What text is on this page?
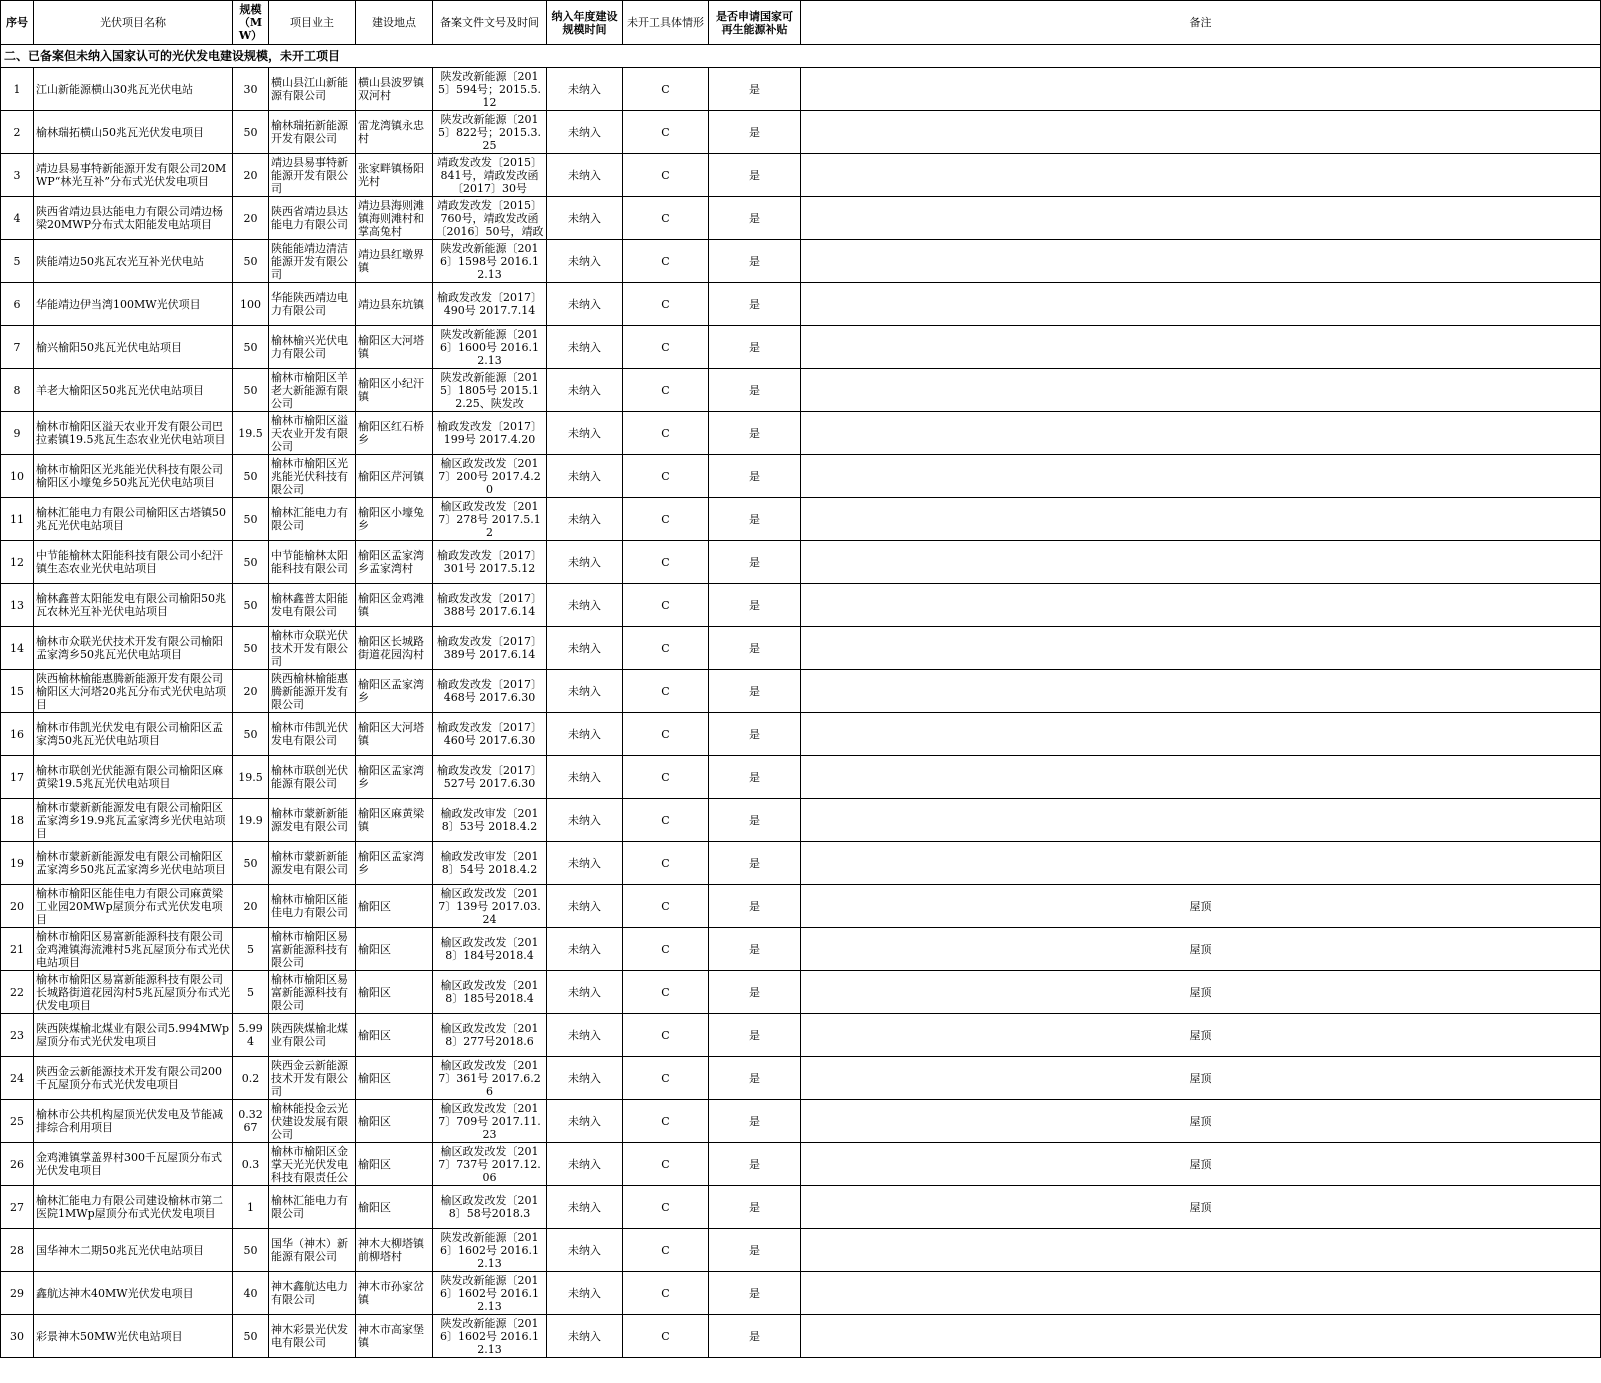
序号	光伏项目名称	规模（MW）	项目业主	建设地点	备案文件文号及时间	纳入年度建设规模时间	未开工具体情形	是否申请国家可再生能源补贴	备注
二、已备案但未纳入国家认可的光伏发电建设规模，未开工项目									
1	江山新能源横山30兆瓦光伏电站	30	横山县江山新能源有限公司	横山县波罗镇双河村	陕发改新能源〔2015〕594号；2015.5.12	未纳入	C	是	
2	榆林瑞拓横山50兆瓦光伏发电项目	50	榆林瑞拓新能源开发有限公司	雷龙湾镇永忠村	陕发改新能源〔2015〕822号；2015.3.25	未纳入	C	是	
3	靖边县易事特新能源开发有限公司20MWP“林光互补”分布式光伏发电项目	20	靖边县易事特新能源开发有限公司	张家畔镇杨阳光村	靖政发改发〔2015〕841号，靖政发改函〔2017〕30号	未纳入	C	是	
4	陕西省靖边县达能电力有限公司靖边杨梁20MWP分布式太阳能发电站项目	20	陕西省靖边县达能电力有限公司	靖边县海则滩镇海则滩村和掌高兔村	靖政发改发〔2015〕760号，靖政发改函〔2016〕50号，靖政	未纳入	C	是	
5	陕能靖边50兆瓦农光互补光伏电站	50	陕能能靖边清洁能源开发有限公司	靖边县红墩界镇	陕发改新能源〔2016〕1598号 2016.12.13	未纳入	C	是	
6	华能靖边伊当湾100MW光伏项目	100	华能陕西靖边电力有限公司	靖边县东坑镇	榆政发改发〔2017〕490号 2017.7.14	未纳入	C	是	
7	榆兴榆阳50兆瓦光伏电站项目	50	榆林榆兴光伏电力有限公司	榆阳区大河塔镇	陕发改新能源〔2016〕1600号 2016.12.13	未纳入	C	是	
8	羊老大榆阳区50兆瓦光伏电站项目	50	榆林市榆阳区羊老大新能源有限公司	榆阳区小纪汗镇	陕发改新能源〔2015〕1805号 2015.12.25、陕发改	未纳入	C	是	
9	榆林市榆阳区溢天农业开发有限公司巴拉素镇19.5兆瓦生态农业光伏电站项目	19.5	榆林市榆阳区溢天农业开发有限公司	榆阳区红石桥乡	榆政发改发〔2017〕199号 2017.4.20	未纳入	C	是	
10	榆林市榆阳区光兆能光伏科技有限公司榆阳区小壕兔乡50兆瓦光伏电站项目	50	榆林市榆阳区光兆能光伏科技有限公司	榆阳区芹河镇	榆区政发改发〔2017〕200号 2017.4.20	未纳入	C	是	
11	榆林汇能电力有限公司榆阳区古塔镇50兆瓦光伏电站项目	50	榆林汇能电力有限公司	榆阳区小壕兔乡	榆区政发改发〔2017〕278号 2017.5.12	未纳入	C	是	
12	中节能榆林太阳能科技有限公司小纪汗镇生态农业光伏电站项目	50	中节能榆林太阳能科技有限公司	榆阳区孟家湾乡孟家湾村	榆政发改发〔2017〕301号 2017.5.12	未纳入	C	是	
13	榆林鑫普太阳能发电有限公司榆阳50兆瓦农林光互补光伏电站项目	50	榆林鑫普太阳能发电有限公司	榆阳区金鸡滩镇	榆政发改发〔2017〕388号 2017.6.14	未纳入	C	是	
14	榆林市众联光伏技术开发有限公司榆阳孟家湾乡50兆瓦光伏电站项目	50	榆林市众联光伏技术开发有限公司	榆阳区长城路街道花园沟村	榆政发改发〔2017〕389号 2017.6.14	未纳入	C	是	
15	陕西榆林榆能惠腾新能源开发有限公司榆阳区大河塔20兆瓦分布式光伏电站项目	20	陕西榆林榆能惠腾新能源开发有限公司	榆阳区孟家湾乡	榆政发改发〔2017〕468号 2017.6.30	未纳入	C	是	
16	榆林市伟凯光伏发电有限公司榆阳区孟家湾50兆瓦光伏电站项目	50	榆林市伟凯光伏发电有限公司	榆阳区大河塔镇	榆政发改发〔2017〕460号 2017.6.30	未纳入	C	是	
17	榆林市联创光伏能源有限公司榆阳区麻黄梁19.5兆瓦光伏电站项目	19.5	榆林市联创光伏能源有限公司	榆阳区孟家湾乡	榆政发改发〔2017〕527号 2017.6.30	未纳入	C	是	
18	榆林市蒙新新能源发电有限公司榆阳区孟家湾乡19.9兆瓦孟家湾乡光伏电站项目	19.9	榆林市蒙新新能源发电有限公司	榆阳区麻黄梁镇	榆政发改审发〔2018〕53号 2018.4.2	未纳入	C	是	
19	榆林市蒙新新能源发电有限公司榆阳区孟家湾乡50兆瓦孟家湾乡光伏电站项目	50	榆林市蒙新新能源发电有限公司	榆阳区孟家湾乡	榆政发改审发〔2018〕54号 2018.4.2	未纳入	C	是	
20	榆林市榆阳区能佳电力有限公司麻黄梁工业园20MWp屋顶分布式光伏发电项目	20	榆林市榆阳区能佳电力有限公司	榆阳区	榆区政发改发〔2017〕139号 2017.03.24	未纳入	C	是	屋顶
21	榆林市榆阳区易富新能源科技有限公司金鸡滩镇海流滩村5兆瓦屋顶分布式光伏电站项目	5	榆林市榆阳区易富新能源科技有限公司	榆阳区	榆区政发改发〔2018〕184号2018.4	未纳入	C	是	屋顶
22	榆林市榆阳区易富新能源科技有限公司长城路街道花园沟村5兆瓦屋顶分布式光伏发电项目	5	榆林市榆阳区易富新能源科技有限公司	榆阳区	榆区政发改发〔2018〕185号2018.4	未纳入	C	是	屋顶
23	陕西陕煤榆北煤业有限公司5.994MWp屋顶分布式光伏发电项目	5.994	陕西陕煤榆北煤业有限公司	榆阳区	榆区政发改发〔2018〕277号2018.6	未纳入	C	是	屋顶
24	陕西金云新能源技术开发有限公司200千瓦屋顶分布式光伏发电项目	0.2	陕西金云新能源技术开发有限公司	榆阳区	榆区政发改发〔2017〕361号 2017.6.26	未纳入	C	是	屋顶
25	榆林市公共机构屋顶光伏发电及节能减排综合利用项目	0.3267	榆林能投金云光伏建设发展有限公司	榆阳区	榆区政发改发〔2017〕709号 2017.11.23	未纳入	C	是	屋顶
26	金鸡滩镇掌盖界村300千瓦屋顶分布式光伏发电项目	0.3	榆林市榆阳区金掌天光光伏发电科技有限责任公	榆阳区	榆区政发改发〔2017〕737号 2017.12.06	未纳入	C	是	屋顶
27	榆林汇能电力有限公司建设榆林市第二医院1MWp屋顶分布式光伏发电项目	1	榆林汇能电力有限公司	榆阳区	榆区政发改发〔2018〕58号2018.3	未纳入	C	是	屋顶
28	国华神木二期50兆瓦光伏电站项目	50	国华（神木）新能源有限公司	神木大柳塔镇前柳塔村	陕发改新能源〔2016〕1602号 2016.12.13	未纳入	C	是	
29	鑫航达神木40MW光伏发电项目	40	神木鑫航达电力有限公司	神木市孙家岔镇	陕发改新能源〔2016〕1602号 2016.12.13	未纳入	C	是	
30	彩景神木50MW光伏电站项目	50	神木彩景光伏发电有限公司	神木市高家堡镇	陕发改新能源〔2016〕1602号 2016.12.13	未纳入	C	是	
